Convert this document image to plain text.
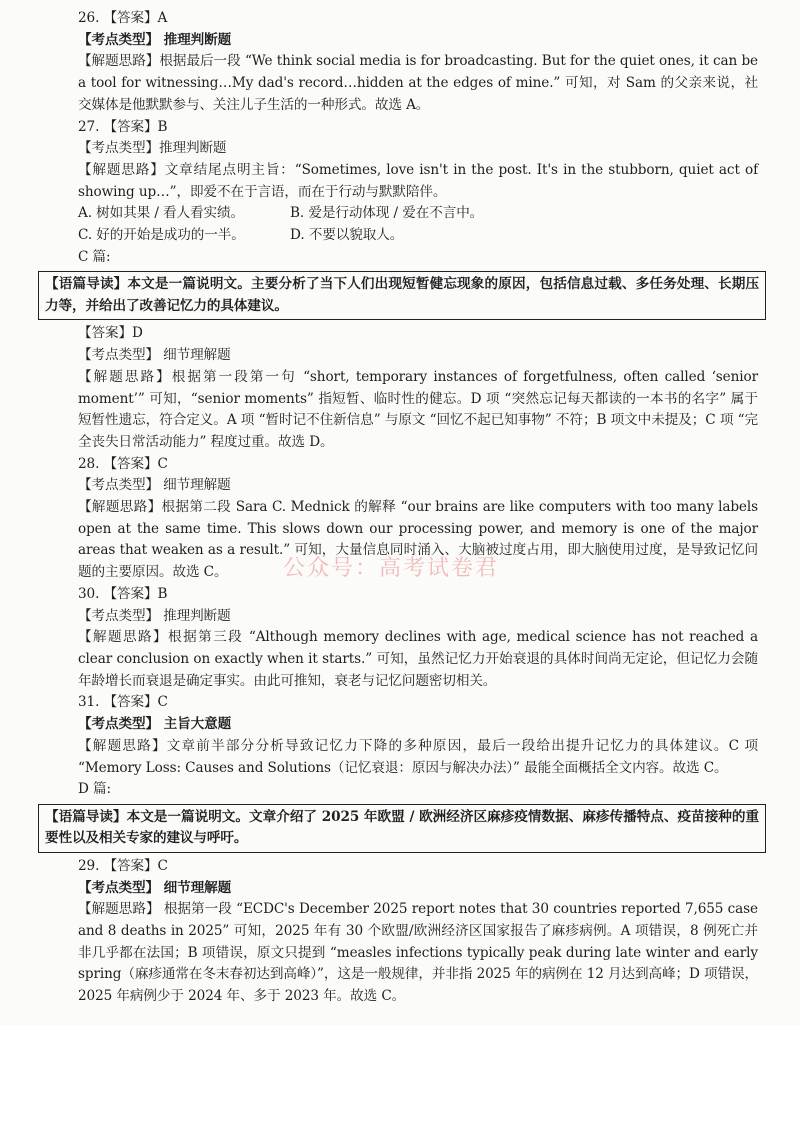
26. 【答案】A
【考点类型】 推理判断题
【解题思路】根据最后一段 “We think social media is for broadcasting. But for the quiet ones, it can be a tool for witnessing…My dad's record…hidden at the edges of mine.” 可知，对 Sam 的父亲来说，社交媒体是他默默参与、关注儿子生活的一种形式。故选 A。
27. 【答案】B
【考点类型】推理判断题
【解题思路】文章结尾点明主旨：“Sometimes, love isn't in the post. It's in the stubborn, quiet act of showing up…”，即爱不在于言语，而在于行动与默默陪伴。
A. 树如其果 / 看人看实绩。	B. 爱是行动体现 / 爱在不言中。
C. 好的开始是成功的一半。	D. 不要以貌取人。
C 篇:
【语篇导读】本文是一篇说明文。主要分析了当下人们出现短暂健忘现象的原因，包括信息过载、多任务处理、长期压力等，并给出了改善记忆力的具体建议。
【答案】D
【考点类型】 细节理解题
【解题思路】根据第一段第一句 “short, temporary instances of forgetfulness, often called ‘senior moment’” 可知，“senior moments” 指短暂、临时性的健忘。D 项 “突然忘记每天都读的一本书的名字” 属于短暂性遗忘，符合定义。A 项 “暂时记不住新信息” 与原文 “回忆不起已知事物” 不符；B 项文中未提及；C 项 “完全丧失日常活动能力” 程度过重。故选 D。
28. 【答案】C
【考点类型】 细节理解题
【解题思路】根据第二段 Sara C. Mednick 的解释 “our brains are like computers with too many labels open at the same time. This slows down our processing power, and memory is one of the major areas that weaken as a result.” 可知，大量信息同时涌入、大脑被过度占用，即大脑使用过度，是导致记忆问题的主要原因。故选 C。
30. 【答案】B
【考点类型】 推理判断题
【解题思路】根据第三段 “Although memory declines with age, medical science has not reached a clear conclusion on exactly when it starts.” 可知，虽然记忆力开始衰退的具体时间尚无定论，但记忆力会随年龄增长而衰退是确定事实。由此可推知，衰老与记忆问题密切相关。
31. 【答案】C
【考点类型】 主旨大意题
【解题思路】文章前半部分分析导致记忆力下降的多种原因，最后一段给出提升记忆力的具体建议。C 项 “Memory Loss: Causes and Solutions（记忆衰退：原因与解决办法）” 最能全面概括全文内容。故选 C。
D 篇:
【语篇导读】本文是一篇说明文。文章介绍了 2025 年欧盟 / 欧洲经济区麻疹疫情数据、麻疹传播特点、疫苗接种的重要性以及相关专家的建议与呼吁。
29. 【答案】C
【考点类型】 细节理解题
【解题思路】 根据第一段 “ECDC's December 2025 report notes that 30 countries reported 7,655 case and 8 deaths in 2025” 可知，2025 年有 30 个欧盟/欧洲经济区国家报告了麻疹病例。A 项错误，8 例死亡并非几乎都在法国；B 项错误，原文只提到 “measles infections typically peak during late winter and early spring（麻疹通常在冬末春初达到高峰）”，这是一般规律，并非指 2025 年的病例在 12 月达到高峰；D 项错误，2025 年病例少于 2024 年、多于 2023 年。故选 C。
公众号：高考试卷君
